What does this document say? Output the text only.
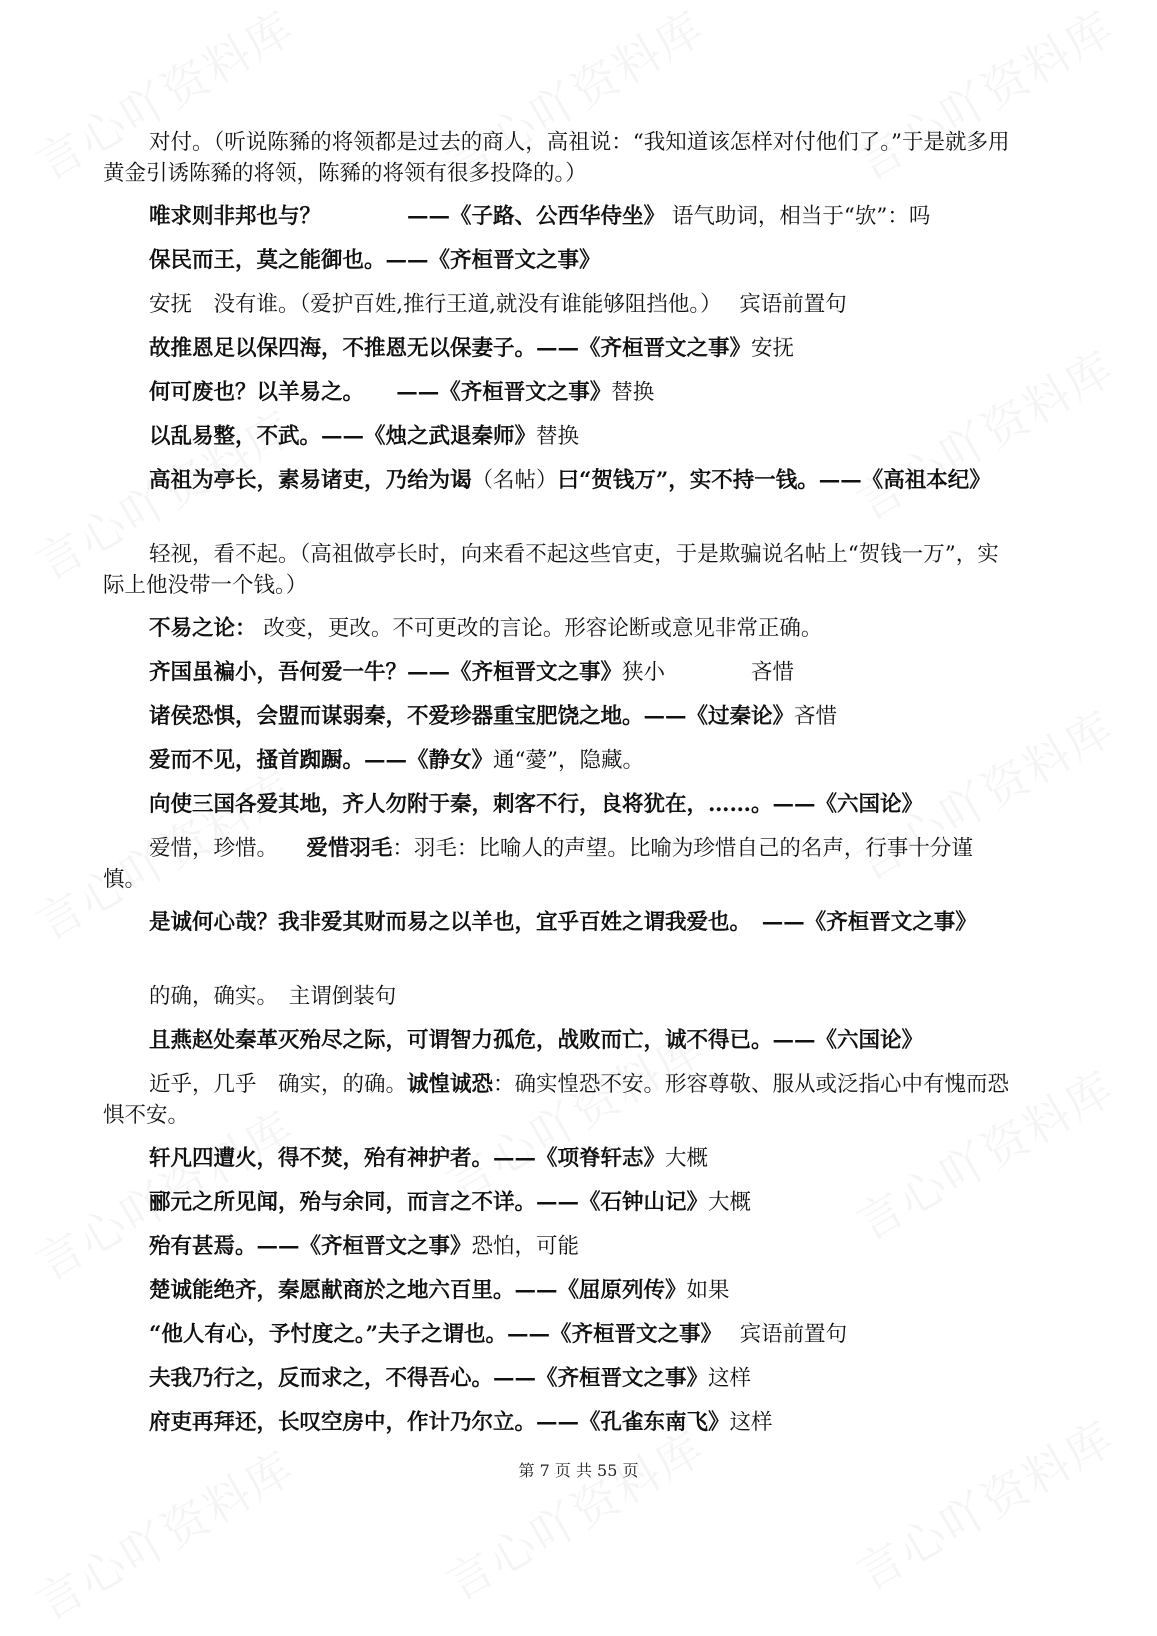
对付。（听说陈豨的将领都是过去的商人，高祖说：“我知道该怎样对付他们了。”于是就多用黄金引诱陈豨的将领，陈豨的将领有很多投降的。）

唯求则非邦也与？　　　　	——《子路、公西华侍坐》 语气助词，相当于“欤”：吗

保民而王，莫之能御也。——《齐桓晋文之事》

安抚　没有谁。（爱护百姓,推行王道,就没有谁能够阻挡他。）　 宾语前置句

故推恩足以保四海，不推恩无以保妻子。——《齐桓晋文之事》安抚

何可废也？以羊易之。　　 ——《齐桓晋文之事》替换

以乱易整，不武。——《烛之武退秦师》替换

高祖为亭长，素易诸吏，乃绐为谒（名帖）曰“贺钱万”，实不持一钱。——《高祖本纪》

轻视，看不起。（高祖做亭长时，向来看不起这些官吏，于是欺骗说名帖上“贺钱一万”，实际上他没带一个钱。）

不易之论： 改变，更改。不可更改的言论。形容论断或意见非常正确。

齐国虽褊小，吾何爱一牛？——《齐桓晋文之事》狭小　　　　吝惜

诸侯恐惧，会盟而谋弱秦，不爱珍器重宝肥饶之地。——《过秦论》吝惜

爱而不见，搔首踟蹰。——《静女》通“薆”，隐藏。

向使三国各爱其地，齐人勿附于秦，刺客不行，良将犹在，……。——《六国论》

爱惜，珍惜。 　爱惜羽毛：羽毛：比喻人的声望。比喻为珍惜自己的名声，行事十分谨慎。

是诚何心哉？我非爱其财而易之以羊也，宜乎百姓之谓我爱也。　——《齐桓晋文之事》

的确，确实。　主谓倒装句

且燕赵处秦革灭殆尽之际，可谓智力孤危，战败而亡，诚不得已。——《六国论》

近乎，几乎　确实，的确。诚惶诚恐：确实惶恐不安。形容尊敬、服从或泛指心中有愧而恐惧不安。

轩凡四遭火，得不焚，殆有神护者。——《项脊轩志》大概

郦元之所见闻，殆与余同，而言之不详。——《石钟山记》大概

殆有甚焉。——《齐桓晋文之事》恐怕，可能

楚诚能绝齐，秦愿献商於之地六百里。——《屈原列传》如果

“他人有心，予忖度之。”夫子之谓也。——《齐桓晋文之事》　 宾语前置句

夫我乃行之，反而求之，不得吾心。——《齐桓晋文之事》这样

府吏再拜还，长叹空房中，作计乃尔立。——《孔雀东南飞》这样

第 7 页 共 55 页
